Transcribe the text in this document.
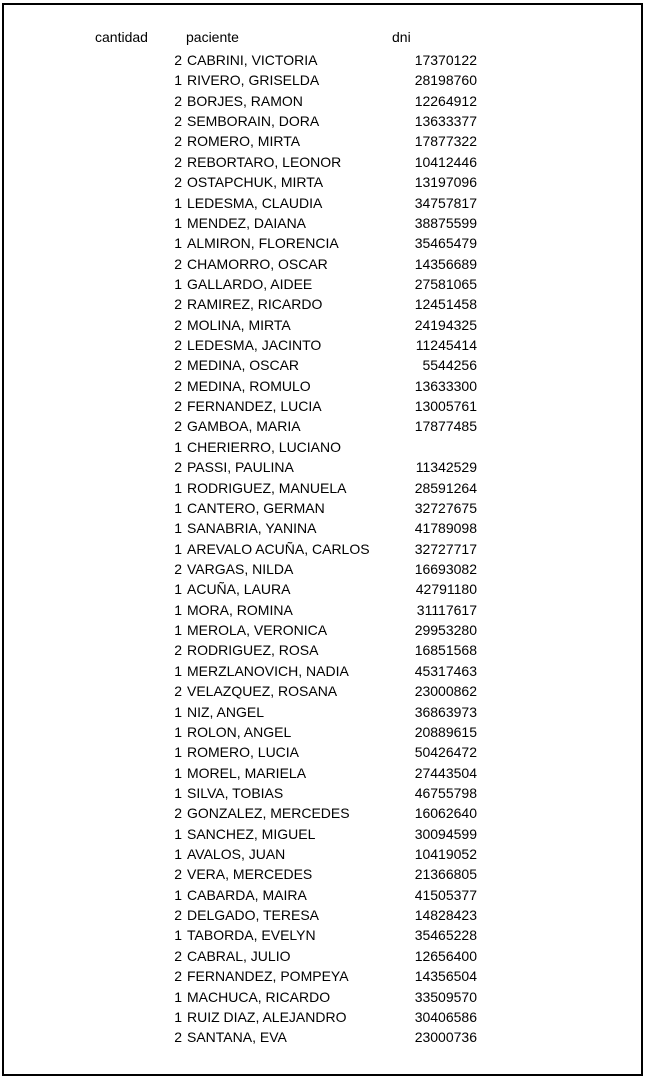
cantidad	paciente	dni
2 CABRINI, VICTORIA	17370122
1 RIVERO, GRISELDA	28198760
2 BORJES, RAMON	12264912
2 SEMBORAIN, DORA	13633377
2 ROMERO, MIRTA	17877322
2 REBORTARO, LEONOR	10412446
2 OSTAPCHUK, MIRTA	13197096
1 LEDESMA, CLAUDIA	34757817
1 MENDEZ, DAIANA	38875599
1 ALMIRON, FLORENCIA	35465479
2 CHAMORRO, OSCAR	14356689
1 GALLARDO, AIDEE	27581065
2 RAMIREZ, RICARDO	12451458
2 MOLINA, MIRTA	24194325
2 LEDESMA, JACINTO	11245414
2 MEDINA, OSCAR	5544256
2 MEDINA, ROMULO	13633300
2 FERNANDEZ, LUCIA	13005761
2 GAMBOA, MARIA	17877485
1 CHERIERRO, LUCIANO
2 PASSI, PAULINA	11342529
1 RODRIGUEZ, MANUELA	28591264
1 CANTERO, GERMAN	32727675
1 SANABRIA, YANINA	41789098
1 AREVALO ACUÑA, CARLOS	32727717
2 VARGAS, NILDA	16693082
1 ACUÑA, LAURA	42791180
1 MORA, ROMINA	31117617
1 MEROLA, VERONICA	29953280
2 RODRIGUEZ, ROSA	16851568
1 MERZLANOVICH, NADIA	45317463
2 VELAZQUEZ, ROSANA	23000862
1 NIZ, ANGEL	36863973
1 ROLON, ANGEL	20889615
1 ROMERO, LUCIA	50426472
1 MOREL, MARIELA	27443504
1 SILVA, TOBIAS	46755798
2 GONZALEZ, MERCEDES	16062640
1 SANCHEZ, MIGUEL	30094599
1 AVALOS, JUAN	10419052
2 VERA, MERCEDES	21366805
1 CABARDA, MAIRA	41505377
2 DELGADO, TERESA	14828423
1 TABORDA, EVELYN	35465228
2 CABRAL, JULIO	12656400
2 FERNANDEZ, POMPEYA	14356504
1 MACHUCA, RICARDO	33509570
1 RUIZ DIAZ, ALEJANDRO	30406586
2 SANTANA, EVA	23000736
